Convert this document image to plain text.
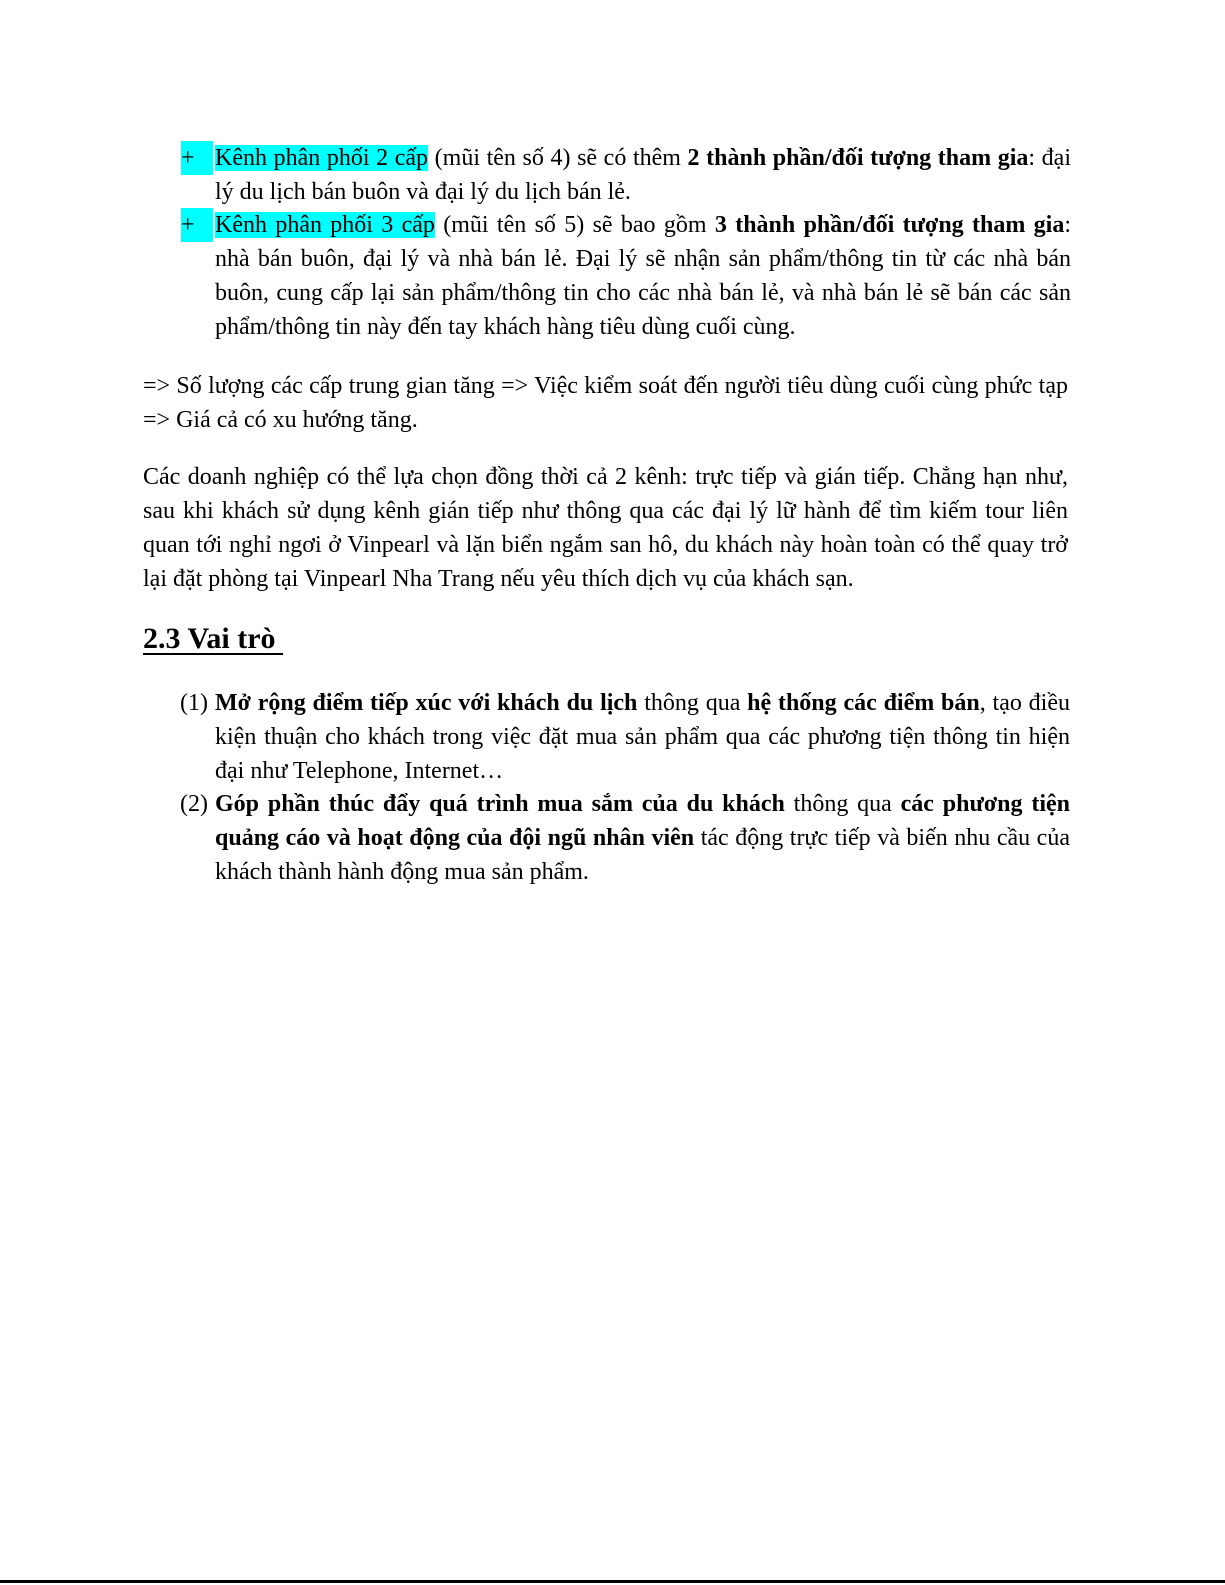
+ Kênh phân phối 2 cấp (mũi tên số 4) sẽ có thêm 2 thành phần/đối tượng tham gia: đại lý du lịch bán buôn và đại lý du lịch bán lẻ.
+ Kênh phân phối 3 cấp (mũi tên số 5) sẽ bao gồm 3 thành phần/đối tượng tham gia: nhà bán buôn, đại lý và nhà bán lẻ. Đại lý sẽ nhận sản phẩm/thông tin từ các nhà bán buôn, cung cấp lại sản phẩm/thông tin cho các nhà bán lẻ, và nhà bán lẻ sẽ bán các sản phẩm/thông tin này đến tay khách hàng tiêu dùng cuối cùng.
=> Số lượng các cấp trung gian tăng => Việc kiểm soát đến người tiêu dùng cuối cùng phức tạp => Giá cả có xu hướng tăng.
Các doanh nghiệp có thể lựa chọn đồng thời cả 2 kênh: trực tiếp và gián tiếp. Chẳng hạn như, sau khi khách sử dụng kênh gián tiếp như thông qua các đại lý lữ hành để tìm kiếm tour liên quan tới nghỉ ngơi ở Vinpearl và lặn biển ngắm san hô, du khách này hoàn toàn có thể quay trở lại đặt phòng tại Vinpearl Nha Trang nếu yêu thích dịch vụ của khách sạn.
2.3 Vai trò
(1) Mở rộng điểm tiếp xúc với khách du lịch thông qua hệ thống các điểm bán, tạo điều kiện thuận cho khách trong việc đặt mua sản phẩm qua các phương tiện thông tin hiện đại như Telephone, Internet…
(2) Góp phần thúc đẩy quá trình mua sắm của du khách thông qua các phương tiện quảng cáo và hoạt động của đội ngũ nhân viên tác động trực tiếp và biến nhu cầu của khách thành hành động mua sản phẩm.
